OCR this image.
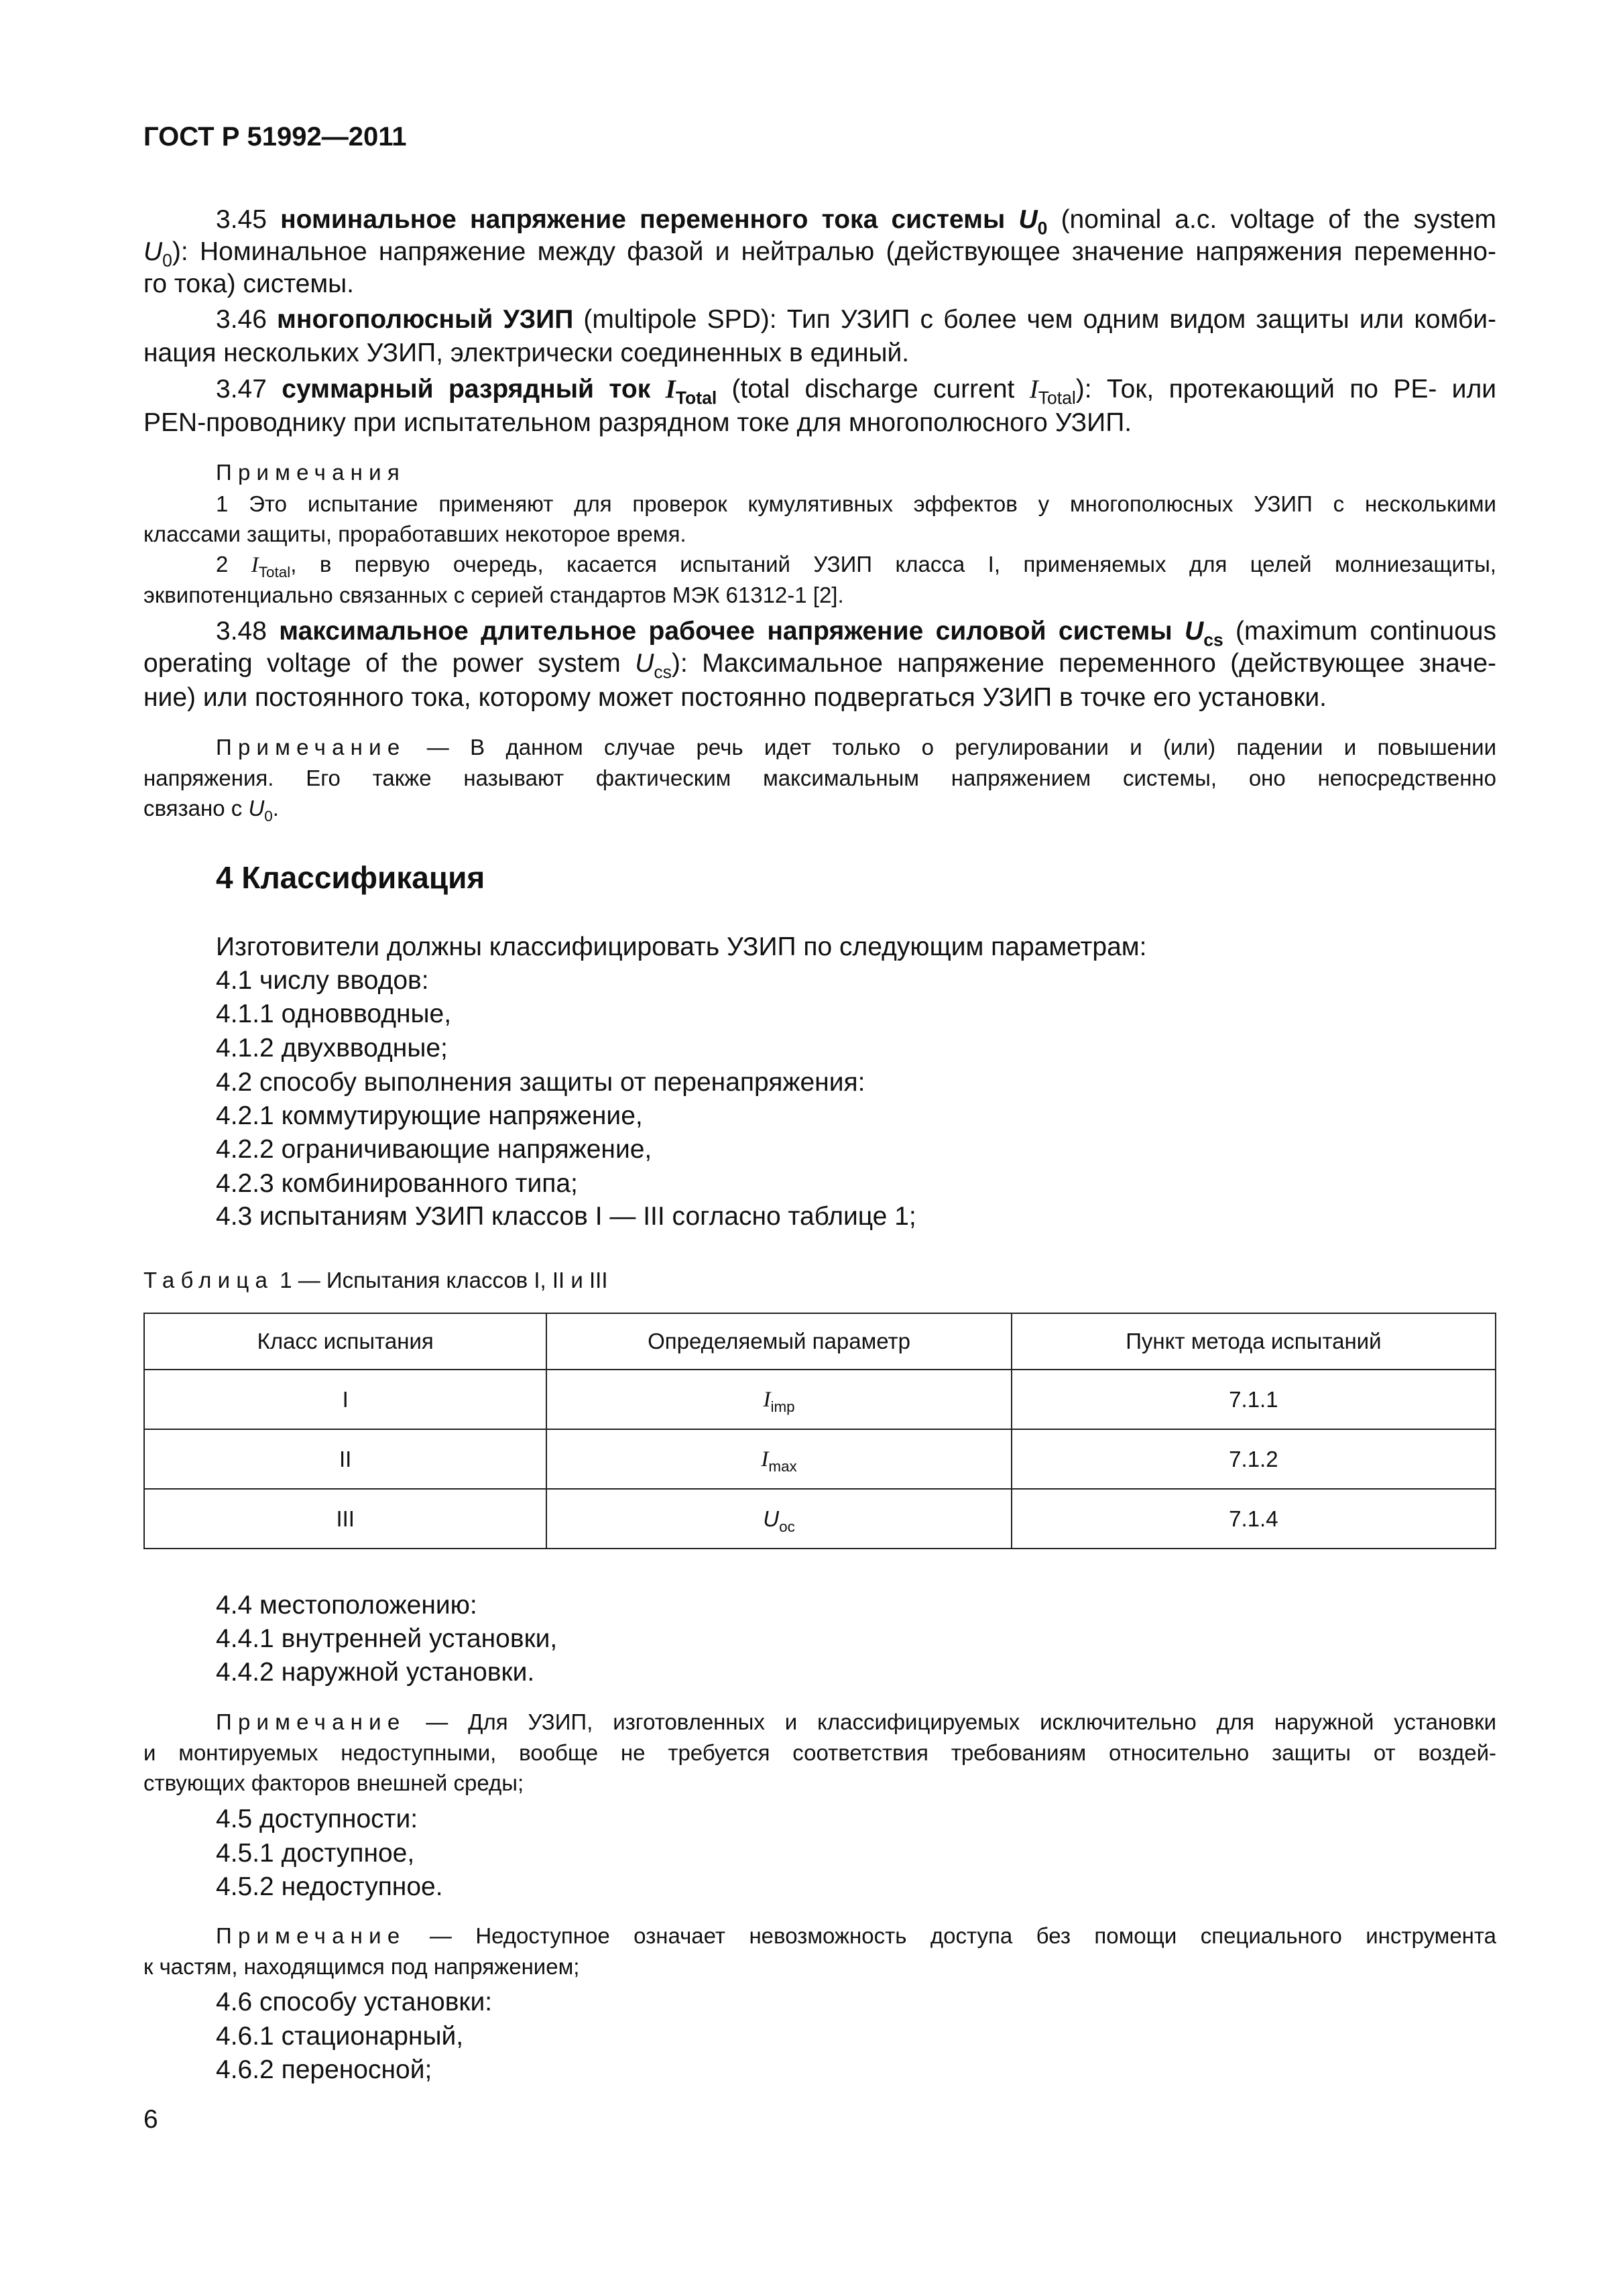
ГОСТ Р 51992—2011
3.45 номинальное напряжение переменного тока системы $U_0$ (nominal a.c. voltage of the system
$U_0$): Номинальное напряжение между фазой и нейтралью (действующее значение напряжения переменно-
го тока) системы.
3.46 многополюсный УЗИП (multipole SPD): Тип УЗИП с более чем одним видом защиты или комби-
нация нескольких УЗИП, электрически соединенных в единый.
3.47 суммарный разрядный ток $I_{Total}$ (total discharge current $I_{Total}$): Ток, протекающий по PE- или
PEN-проводнику при испытательном разрядном токе для многополюсного УЗИП.
Примечания
1 Это испытание применяют для проверок кумулятивных эффектов у многополюсных УЗИП с несколькими
классами защиты, проработавших некоторое время.
2 $I_{Total}$, в первую очередь, касается испытаний УЗИП класса I, применяемых для целей молниезащиты,
эквипотенциально связанных с серией стандартов МЭК 61312-1 [2].
3.48 максимальное длительное рабочее напряжение силовой системы $U_{cs}$ (maximum continuous
operating voltage of the power system $U_{cs}$): Максимальное напряжение переменного (действующее значе-
ние) или постоянного тока, которому может постоянно подвергаться УЗИП в точке его установки.
Примечание — В данном случае речь идет только о регулировании и (или) падении и повышении
напряжения. Его также называют фактическим максимальным напряжением системы, оно непосредственно
связано с $U_0$.
4 Классификация
Изготовители должны классифицировать УЗИП по следующим параметрам:
4.1 числу вводов:
4.1.1 одновводные,
4.1.2 двухвводные;
4.2 способу выполнения защиты от перенапряжения:
4.2.1 коммутирующие напряжение,
4.2.2 ограничивающие напряжение,
4.2.3 комбинированного типа;
4.3 испытаниям УЗИП классов I — III согласно таблице 1;
Таблица 1 — Испытания классов I, II и III
Класс испытания	Определяемый параметр	Пункт метода испытаний
I	$I_{imp}$	7.1.1
II	$I_{max}$	7.1.2
III	$U_{oc}$	7.1.4
4.4 местоположению:
4.4.1 внутренней установки,
4.4.2 наружной установки.
Примечание — Для УЗИП, изготовленных и классифицируемых исключительно для наружной установки
и монтируемых недоступными, вообще не требуется соответствия требованиям относительно защиты от воздей-
ствующих факторов внешней среды;
4.5 доступности:
4.5.1 доступное,
4.5.2 недоступное.
Примечание — Недоступное означает невозможность доступа без помощи специального инструмента
к частям, находящимся под напряжением;
4.6 способу установки:
4.6.1 стационарный,
4.6.2 переносной;
6
